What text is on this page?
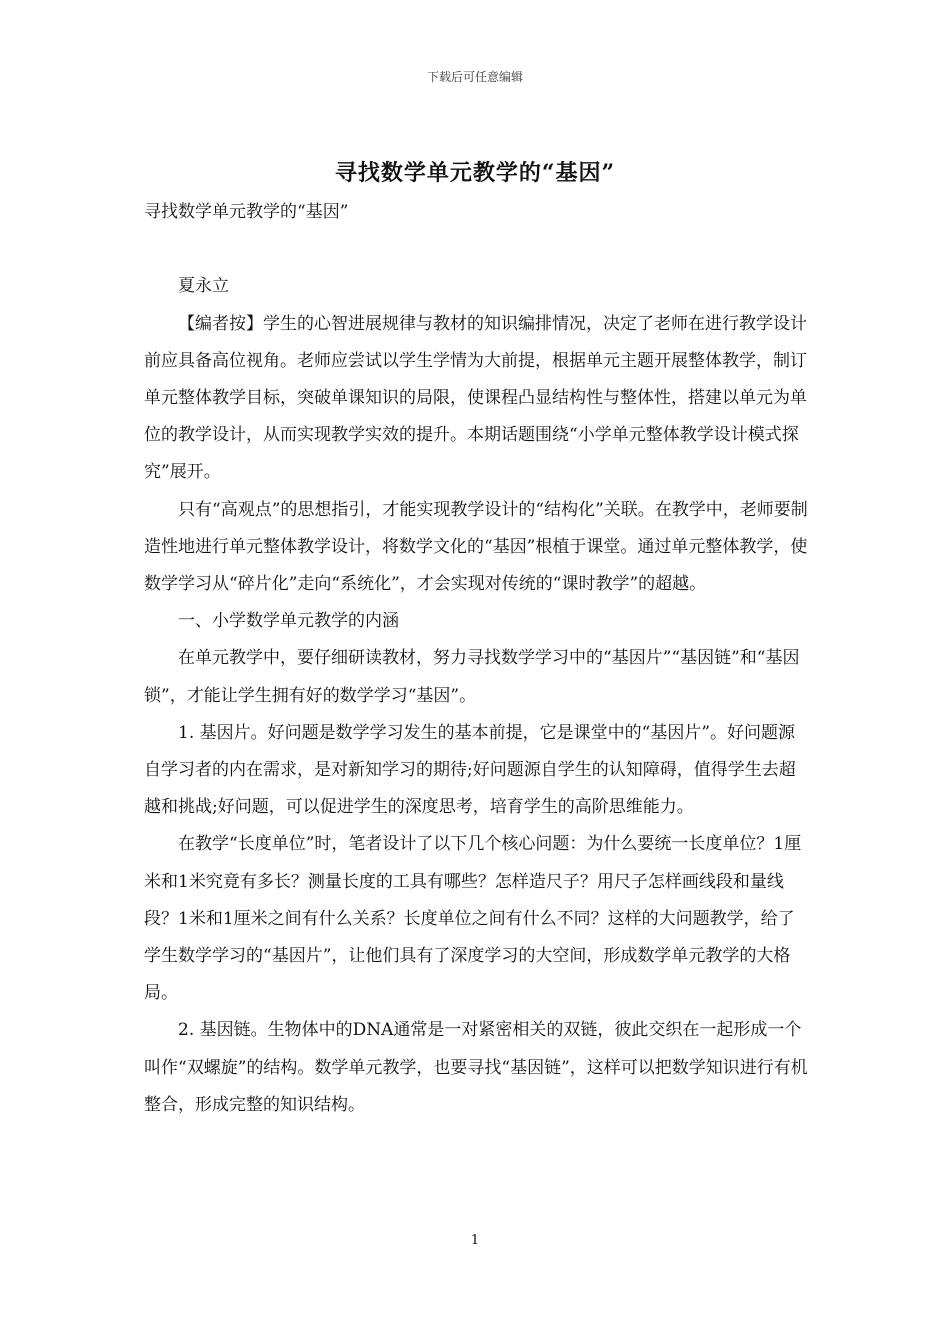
下载后可任意编辑
寻找数学单元教学的“基因”

寻找数学单元教学的“基因”

夏永立

【编者按】学生的心智进展规律与教材的知识编排情况，决定了老师在进行教学设计前应具备高位视角。老师应尝试以学生学情为大前提，根据单元主题开展整体教学，制订单元整体教学目标，突破单课知识的局限，使课程凸显结构性与整体性，搭建以单元为单位的教学设计，从而实现教学实效的提升。本期话题围绕“小学单元整体教学设计模式探究”展开。

只有“高观点”的思想指引，才能实现教学设计的“结构化”关联。在教学中，老师要制造性地进行单元整体教学设计，将数学文化的“基因”根植于课堂。通过单元整体教学，使数学学习从“碎片化”走向“系统化”，才会实现对传统的“课时教学”的超越。

一、小学数学单元教学的内涵

在单元教学中，要仔细研读教材，努力寻找数学学习中的“基因片”“基因链”和“基因锁”，才能让学生拥有好的数学学习“基因”。

1. 基因片。好问题是数学学习发生的基本前提，它是课堂中的“基因片”。好问题源自学习者的内在需求，是对新知学习的期待;好问题源自学生的认知障碍，值得学生去超越和挑战;好问题，可以促进学生的深度思考，培育学生的高阶思维能力。

在教学“长度单位”时，笔者设计了以下几个核心问题：为什么要统一长度单位？1厘米和1米究竟有多长？测量长度的工具有哪些？怎样造尺子？用尺子怎样画线段和量线段？1米和1厘米之间有什么关系？长度单位之间有什么不同？这样的大问题教学，给了学生数学学习的“基因片”，让他们具有了深度学习的大空间，形成数学单元教学的大格局。

2. 基因链。生物体中的DNA通常是一对紧密相关的双链，彼此交织在一起形成一个叫作“双螺旋”的结构。数学单元教学，也要寻找“基因链”，这样可以把数学知识进行有机整合，形成完整的知识结构。

1
